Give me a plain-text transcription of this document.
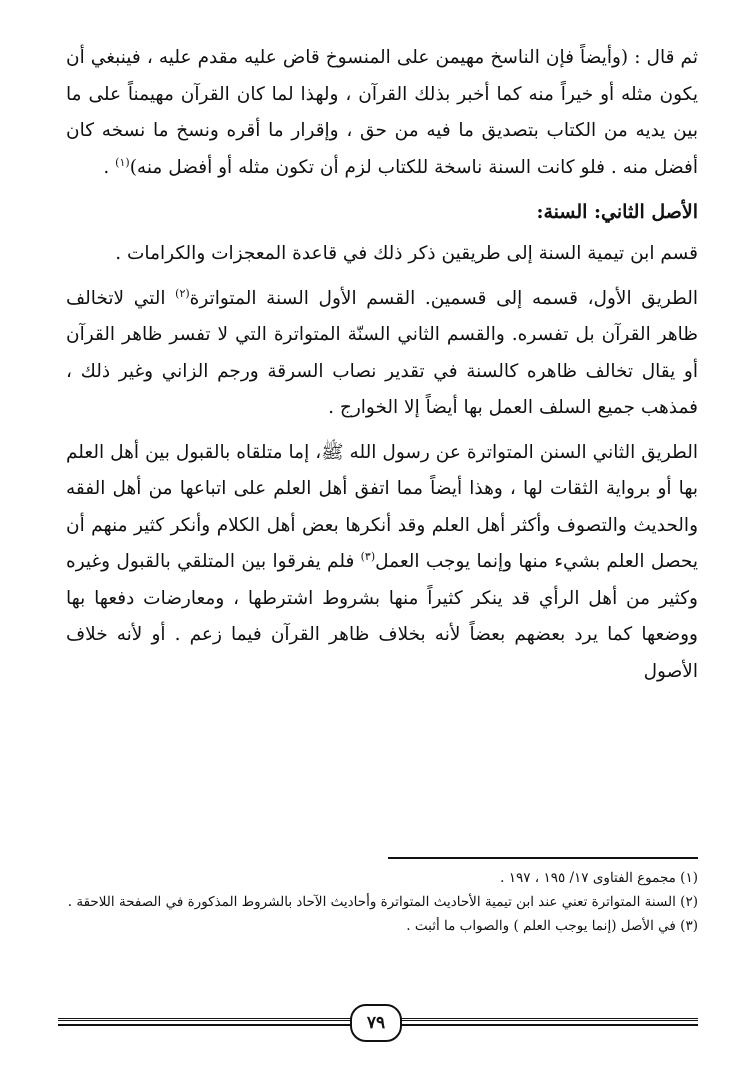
ثم قال : (وأيضاً فإن الناسخ مهيمن على المنسوخ قاض عليه مقدم عليه ، فينبغي أن يكون مثله أو خيراً منه كما أخبر بذلك القرآن ، ولهذا لما كان القرآن مهيمناً على ما بين يديه من الكتاب بتصديق ما فيه من حق ، وإقرار ما أقره ونسخ ما نسخه كان أفضل منه . فلو كانت السنة ناسخة للكتاب لزم أن تكون مثله أو أفضل منه)$^{(١)}$ .
الأصل الثاني: السنة:
قسم ابن تيمية السنة إلى طريقين ذكر ذلك في قاعدة المعجزات والكرامات .
الطريق الأول، قسمه إلى قسمين. القسم الأول السنة المتواترة$^{(٢)}$ التي لاتخالف ظاهر القرآن بل تفسره. والقسم الثاني السنّة المتواترة التي لا تفسر ظاهر القرآن أو يقال تخالف ظاهره كالسنة في تقدير نصاب السرقة ورجم الزاني وغير ذلك ، فمذهب جميع السلف العمل بها أيضاً إلا الخوارج .
الطريق الثاني السنن المتواترة عن رسول الله ﷺ، إما متلقاه بالقبول بين أهل العلم بها أو برواية الثقات لها ، وهذا أيضاً مما اتفق أهل العلم على اتباعها من أهل الفقه والحديث والتصوف وأكثر أهل العلم وقد أنكرها بعض أهل الكلام وأنكر كثير منهم أن يحصل العلم بشيء منها وإنما يوجب العمل$^{(٣)}$ فلم يفرقوا بين المتلقي بالقبول وغيره وكثير من أهل الرأي قد ينكر كثيراً منها بشروط اشترطها ، ومعارضات دفعها بها ووضعها كما يرد بعضهم بعضاً لأنه بخلاف ظاهر القرآن فيما زعم . أو لأنه خلاف الأصول

(١) مجموع الفتاوى ١٧/ ١٩٥ ، ١٩٧ .

(٢) السنة المتواترة تعني عند ابن تيمية الأحاديث المتواترة وأحاديث الآحاد بالشروط المذكورة في الصفحة اللاحقة .

(٣) في الأصل (إنما يوجب العلم ) والصواب ما أثبت .

٧٩
